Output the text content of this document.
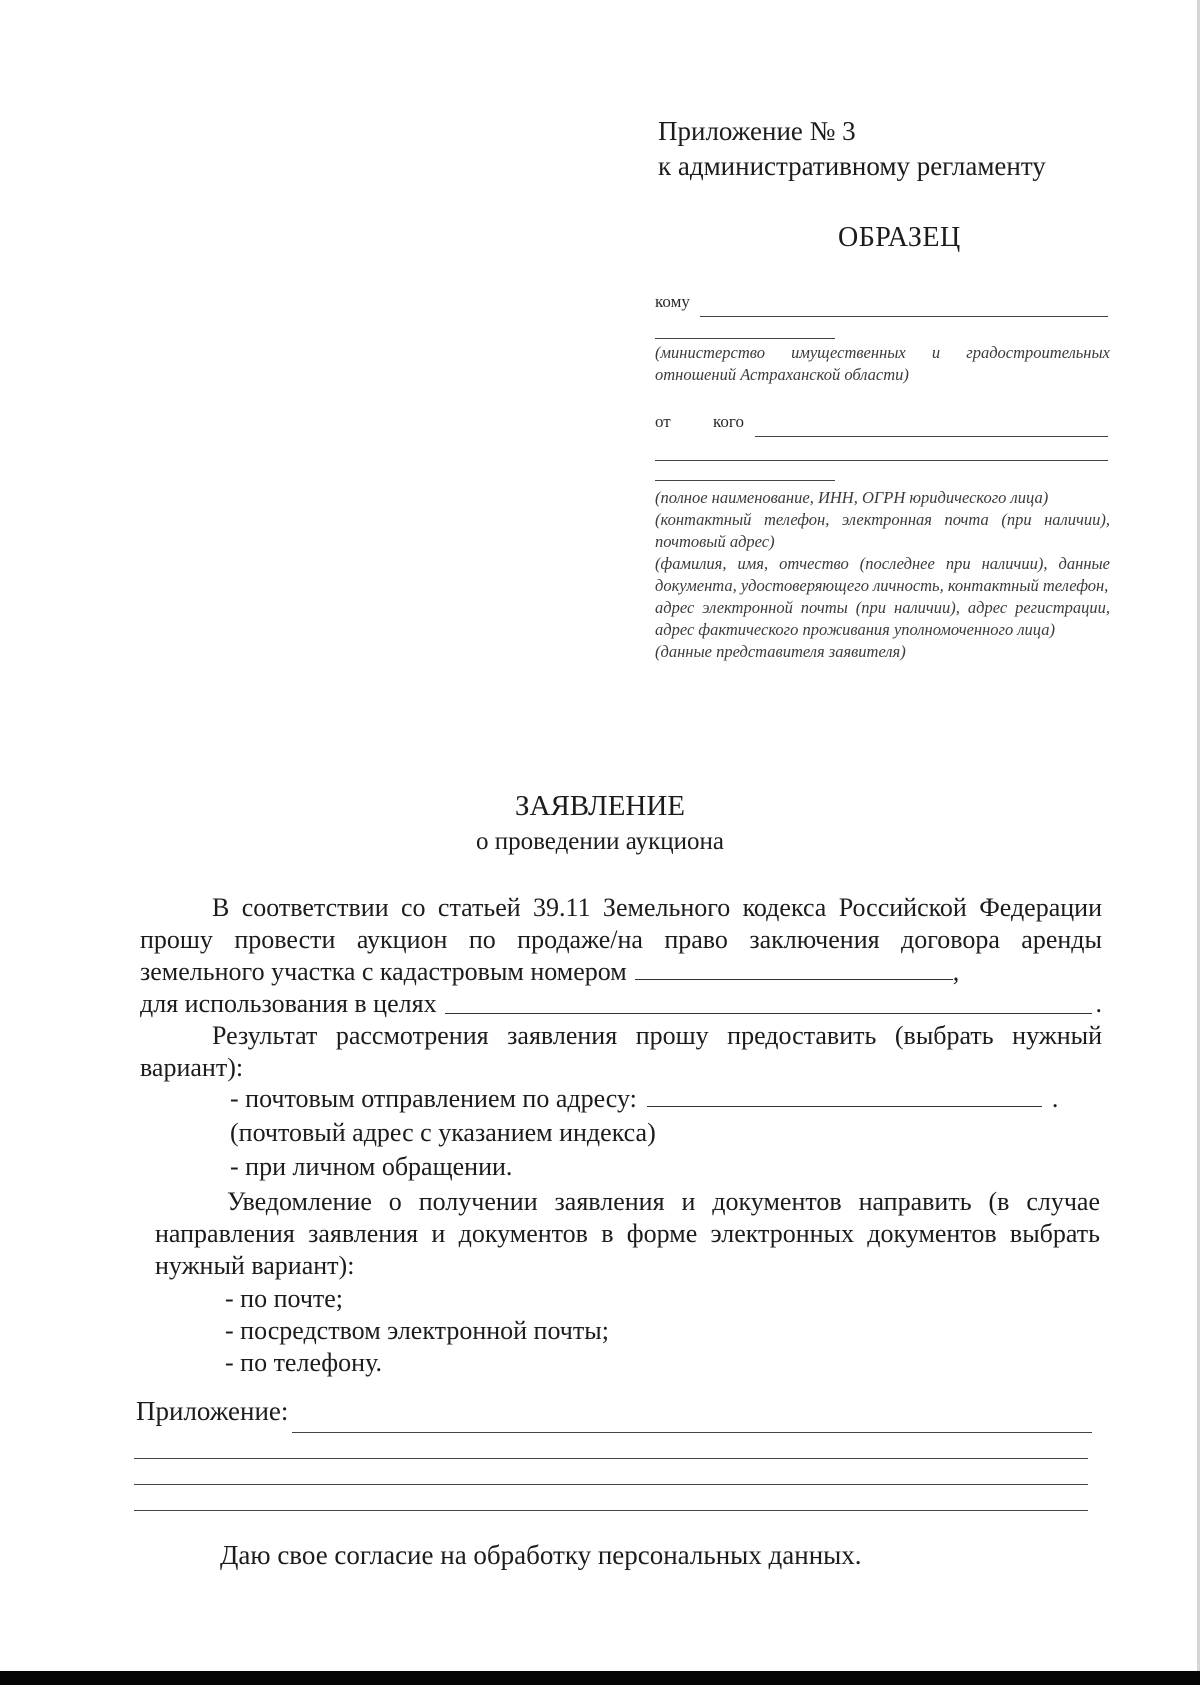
Приложение № 3
к административному регламенту
ОБРАЗЕЦ
кому
(министерство имущественных и градостроительных отношений Астраханской области)
от кого
(полное наименование, ИНН, ОГРН юридического лица)
(контактный телефон, электронная почта (при наличии), почтовый адрес)
(фамилия, имя, отчество (последнее при наличии), данные документа, удостоверяющего личность, контактный телефон,
адрес электронной почты (при наличии), адрес регистрации, адрес фактического проживания уполномоченного лица)
(данные представителя заявителя)
ЗАЯВЛЕНИЕ
о проведении аукциона

В соответствии со статьей 39.11 Земельного кодекса Российской Федерации прошу провести аукцион по продаже/на право заключения договора аренды земельного участка с кадастровым номером	,

для использования в целях	.

Результат рассмотрения заявления прошу предоставить (выбрать нужный вариант):

- почтовым отправлением по адресу:	.
(почтовый адрес с указанием индекса)
- при личном обращении.

Уведомление о получении заявления и документов направить (в случае направления заявления и документов в форме электронных документов выбрать нужный вариант):

- по почте;
- посредством электронной почты;
- по телефону.
Приложение:
Даю свое согласие на обработку персональных данных.
